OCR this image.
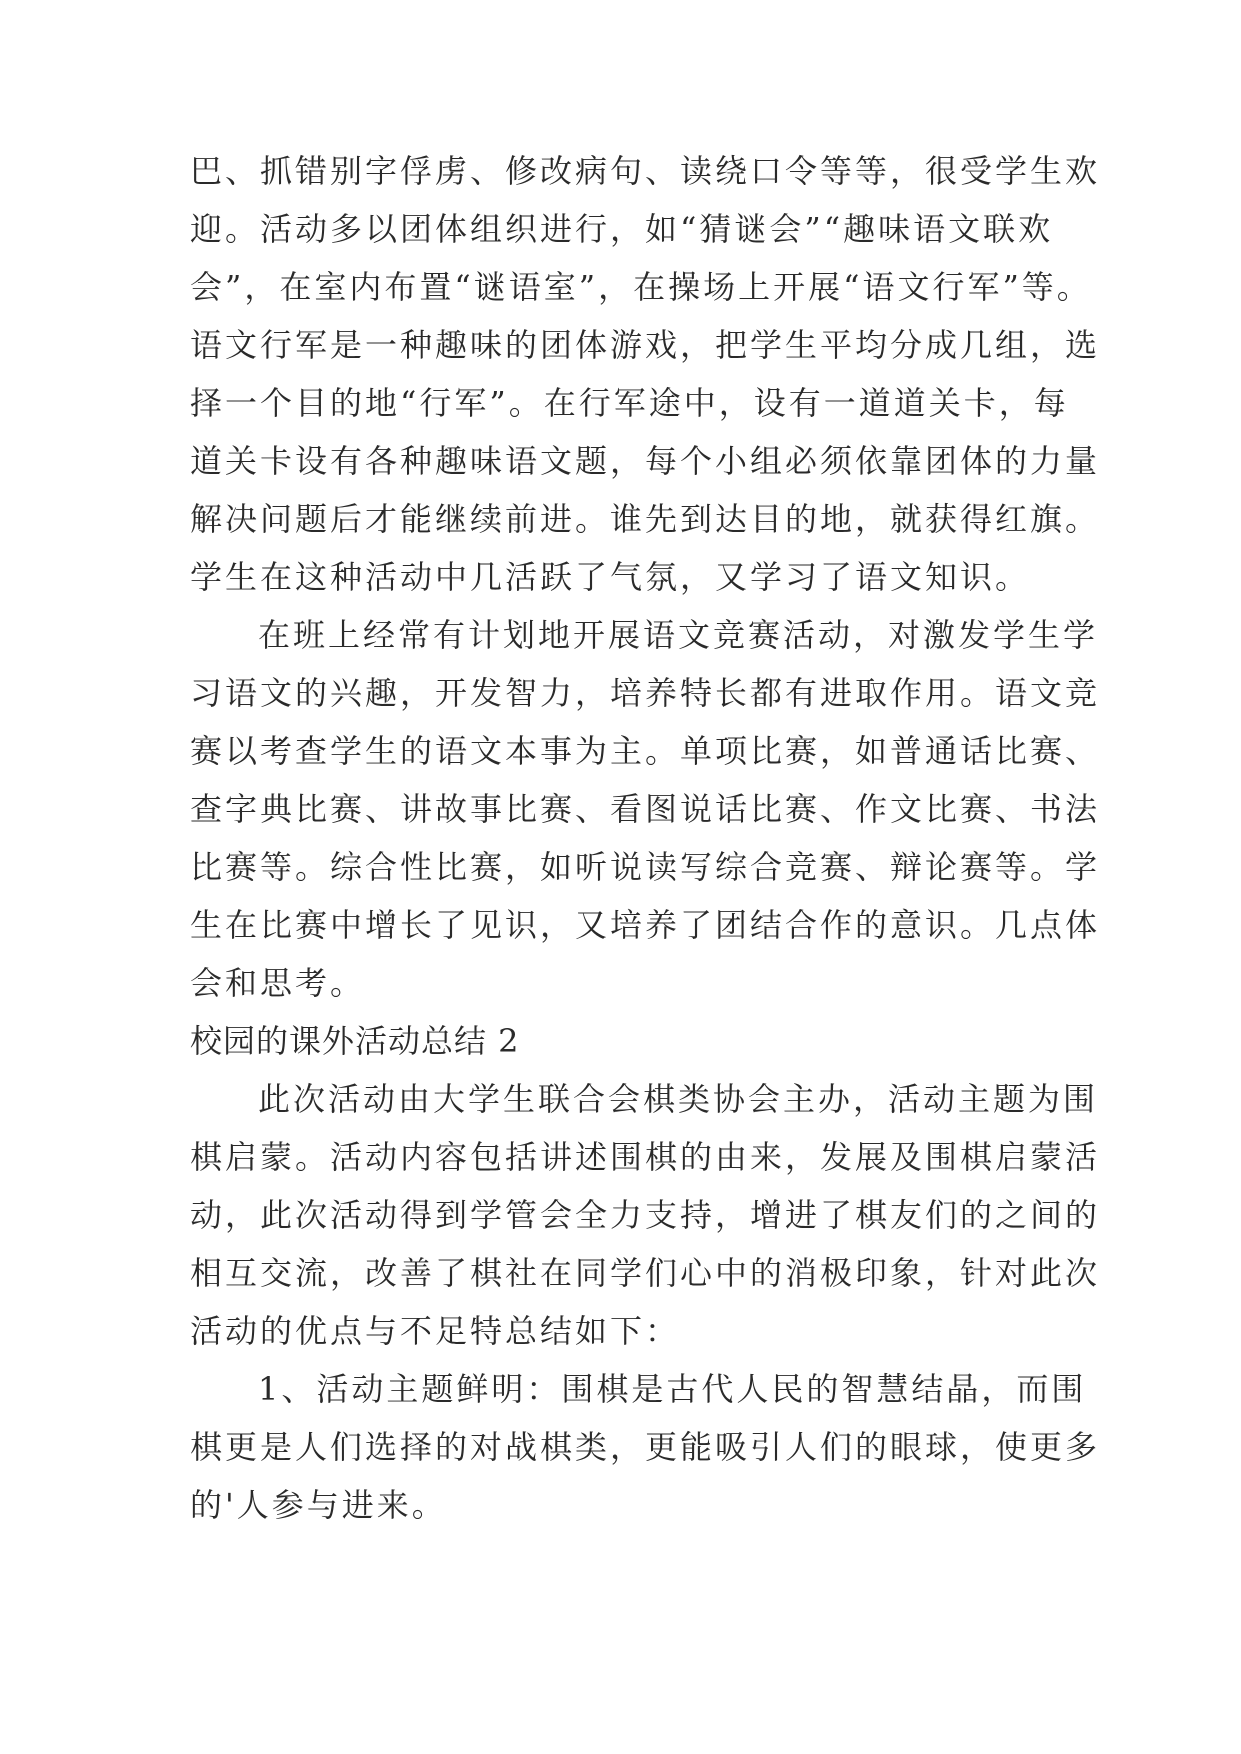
巴、抓错别字俘虏、修改病句、读绕口令等等，很受学生欢
迎。活动多以团体组织进行，如“猜谜会”“趣味语文联欢
会”，在室内布置“谜语室”，在操场上开展“语文行军”等。
语文行军是一种趣味的团体游戏，把学生平均分成几组，选
择一个目的地“行军”。在行军途中，设有一道道关卡，每
道关卡设有各种趣味语文题，每个小组必须依靠团体的力量
解决问题后才能继续前进。谁先到达目的地，就获得红旗。
学生在这种活动中几活跃了气氛，又学习了语文知识。
在班上经常有计划地开展语文竞赛活动，对激发学生学
习语文的兴趣，开发智力，培养特长都有进取作用。语文竞
赛以考查学生的语文本事为主。单项比赛，如普通话比赛、
查字典比赛、讲故事比赛、看图说话比赛、作文比赛、书法
比赛等。综合性比赛，如听说读写综合竞赛、辩论赛等。学
生在比赛中增长了见识，又培养了团结合作的意识。几点体
会和思考。
校园的课外活动总结 2
此次活动由大学生联合会棋类协会主办，活动主题为围
棋启蒙。活动内容包括讲述围棋的由来，发展及围棋启蒙活
动，此次活动得到学管会全力支持，增进了棋友们的之间的
相互交流，改善了棋社在同学们心中的消极印象，针对此次
活动的优点与不足特总结如下：
1、活动主题鲜明：围棋是古代人民的智慧结晶，而围
棋更是人们选择的对战棋类，更能吸引人们的眼球，使更多
的'人参与进来。
